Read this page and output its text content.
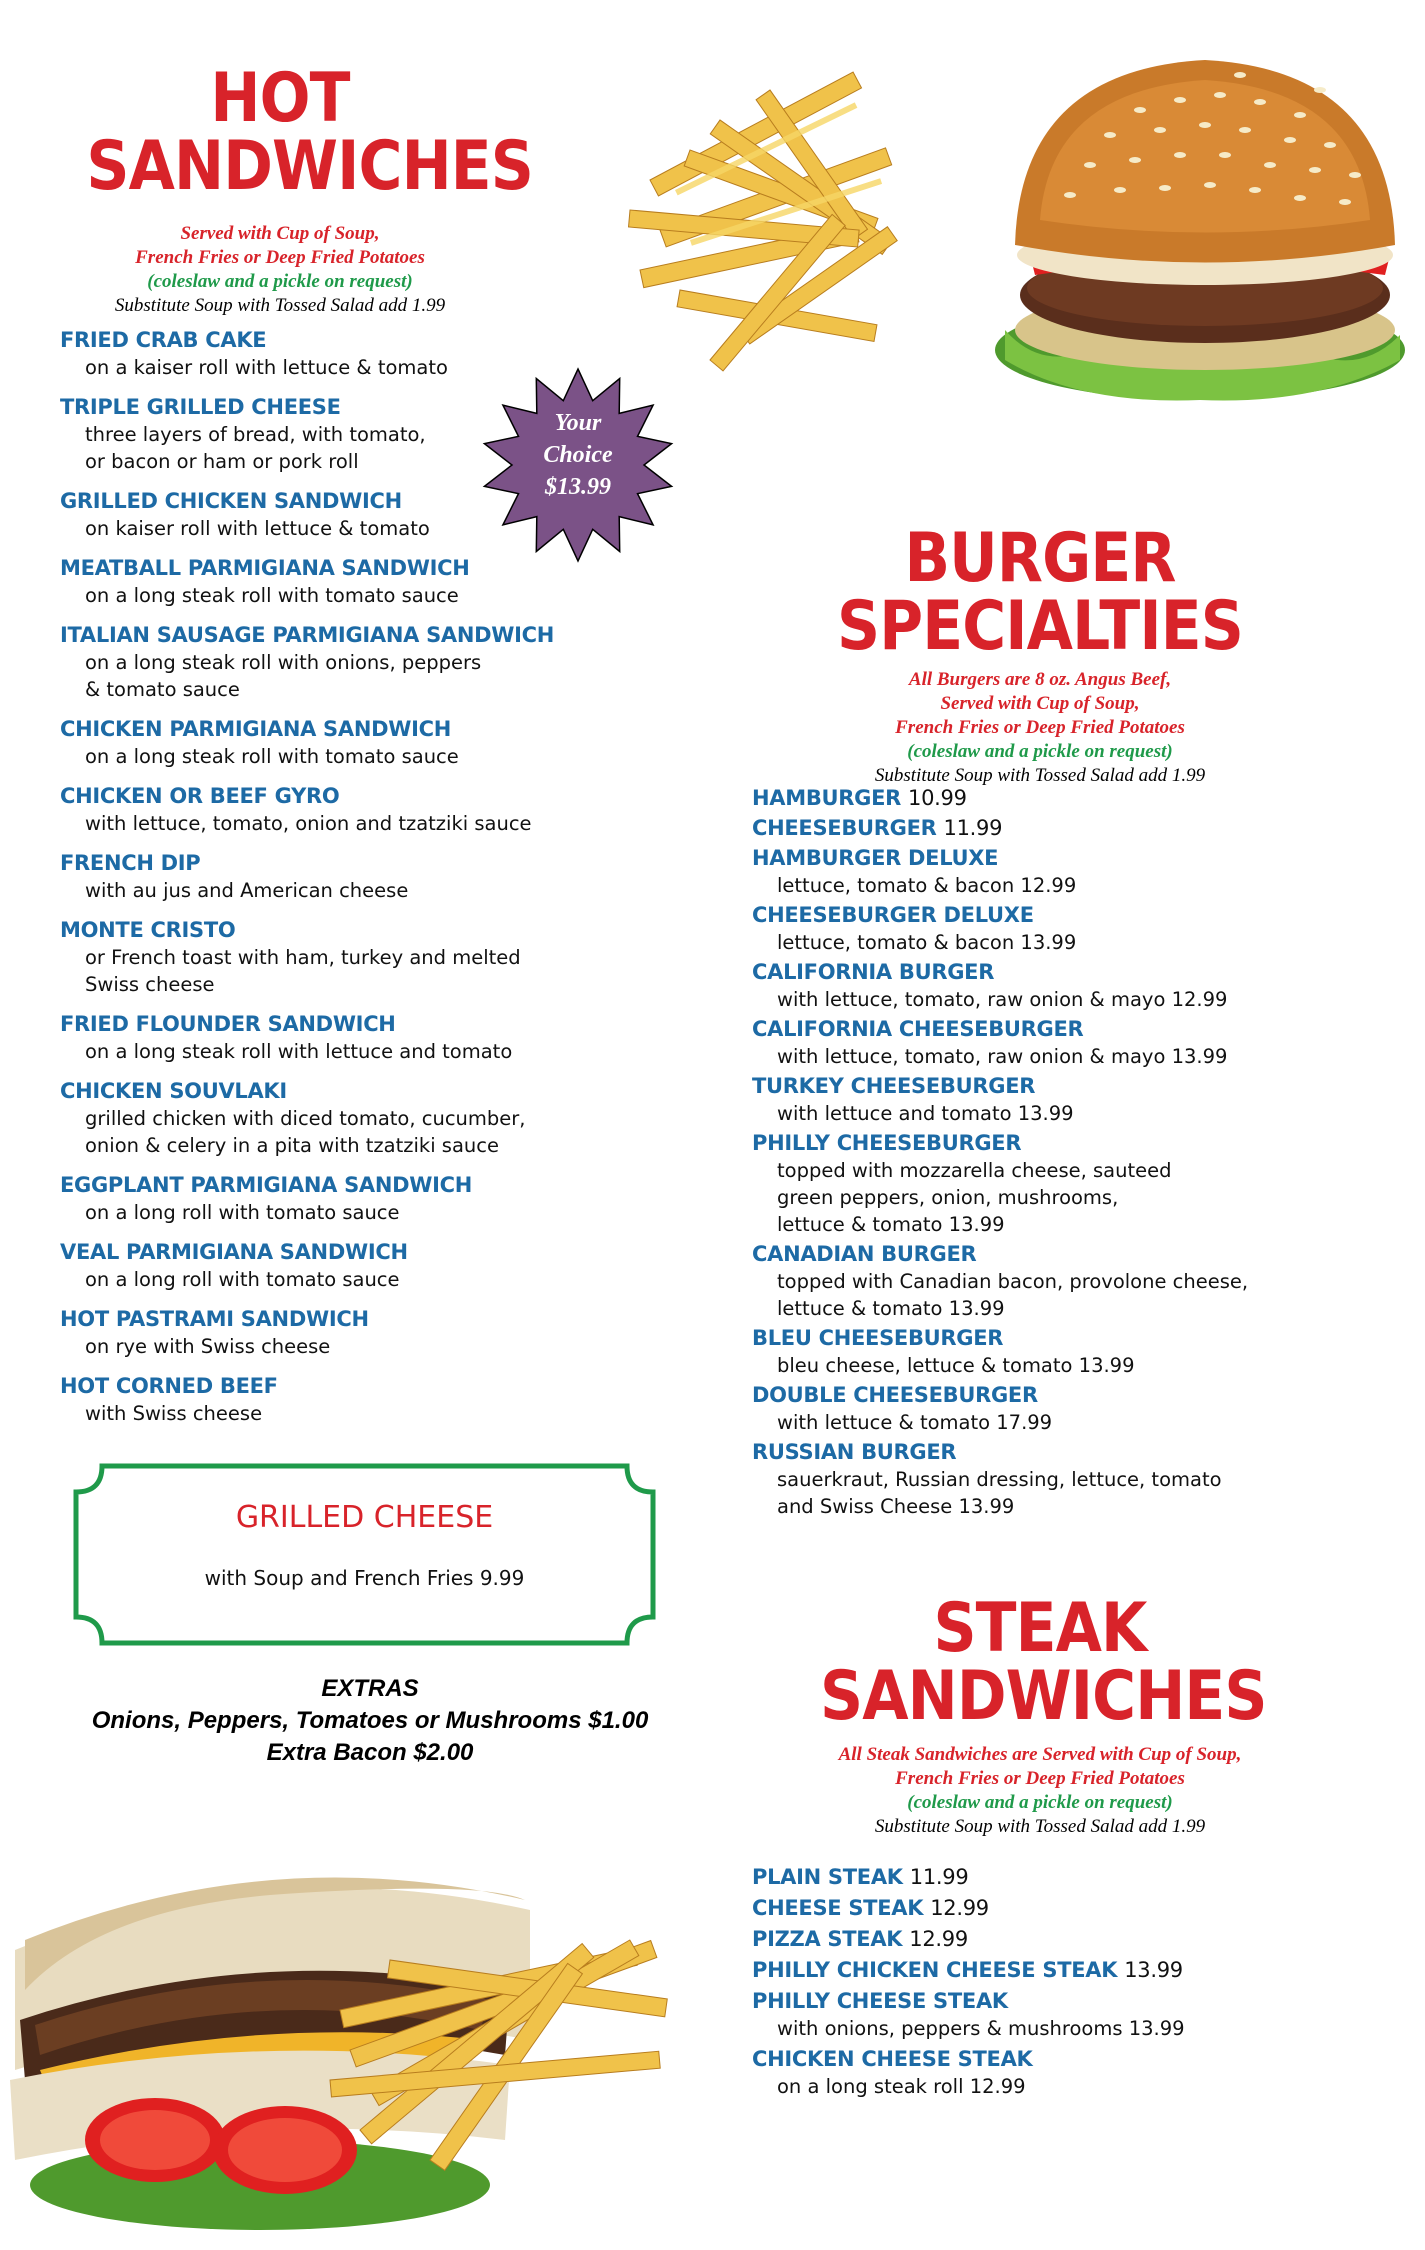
HOT
SANDWICHES
Served with Cup of Soup,
French Fries or Deep Fried Potatoes
(coleslaw and a pickle on request)
Substitute Soup with Tossed Salad add 1.99
FRIED CRAB CAKE
on a kaiser roll with lettuce & tomato
TRIPLE GRILLED CHEESE
three layers of bread, with tomato,
or bacon or ham or pork roll
GRILLED CHICKEN SANDWICH
on kaiser roll with lettuce & tomato
MEATBALL PARMIGIANA SANDWICH
on a long steak roll with tomato sauce
ITALIAN SAUSAGE PARMIGIANA SANDWICH
on a long steak roll with onions, peppers
& tomato sauce
CHICKEN PARMIGIANA SANDWICH
on a long steak roll with tomato sauce
CHICKEN OR BEEF GYRO
with lettuce, tomato, onion and tzatziki sauce
FRENCH DIP
with au jus and American cheese
MONTE CRISTO
or French toast with ham, turkey and melted
Swiss cheese
FRIED FLOUNDER SANDWICH
on a long steak roll with lettuce and tomato
CHICKEN SOUVLAKI
grilled chicken with diced tomato, cucumber,
onion & celery in a pita with tzatziki sauce
EGGPLANT PARMIGIANA SANDWICH
on a long roll with tomato sauce
VEAL PARMIGIANA SANDWICH
on a long roll with tomato sauce
HOT PASTRAMI SANDWICH
on rye with Swiss cheese
HOT CORNED BEEF
with Swiss cheese
Your
Choice
$13.99
GRILLED CHEESE
with Soup and French Fries 9.99
EXTRAS
Onions, Peppers, Tomatoes or Mushrooms $1.00
Extra Bacon $2.00
BURGER
SPECIALTIES
All Burgers are 8 oz. Angus Beef,
Served with Cup of Soup,
French Fries or Deep Fried Potatoes
(coleslaw and a pickle on request)
Substitute Soup with Tossed Salad add 1.99
HAMBURGER 10.99
CHEESEBURGER 11.99
HAMBURGER DELUXE
lettuce, tomato & bacon 12.99
CHEESEBURGER DELUXE
lettuce, tomato & bacon 13.99
CALIFORNIA BURGER
with lettuce, tomato, raw onion & mayo 12.99
CALIFORNIA CHEESEBURGER
with lettuce, tomato, raw onion & mayo 13.99
TURKEY CHEESEBURGER
with lettuce and tomato 13.99
PHILLY CHEESEBURGER
topped with mozzarella cheese, sauteed
green peppers, onion, mushrooms,
lettuce & tomato 13.99
CANADIAN BURGER
topped with Canadian bacon, provolone cheese,
lettuce & tomato 13.99
BLEU CHEESEBURGER
bleu cheese, lettuce & tomato 13.99
DOUBLE CHEESEBURGER
with lettuce & tomato 17.99
RUSSIAN BURGER
sauerkraut, Russian dressing, lettuce, tomato
and Swiss Cheese 13.99
STEAK
SANDWICHES
All Steak Sandwiches are Served with Cup of Soup,
French Fries or Deep Fried Potatoes
(coleslaw and a pickle on request)
Substitute Soup with Tossed Salad add 1.99
PLAIN STEAK 11.99
CHEESE STEAK 12.99
PIZZA STEAK 12.99
PHILLY CHICKEN CHEESE STEAK 13.99
PHILLY CHEESE STEAK
with onions, peppers & mushrooms 13.99
CHICKEN CHEESE STEAK
on a long steak roll 12.99
